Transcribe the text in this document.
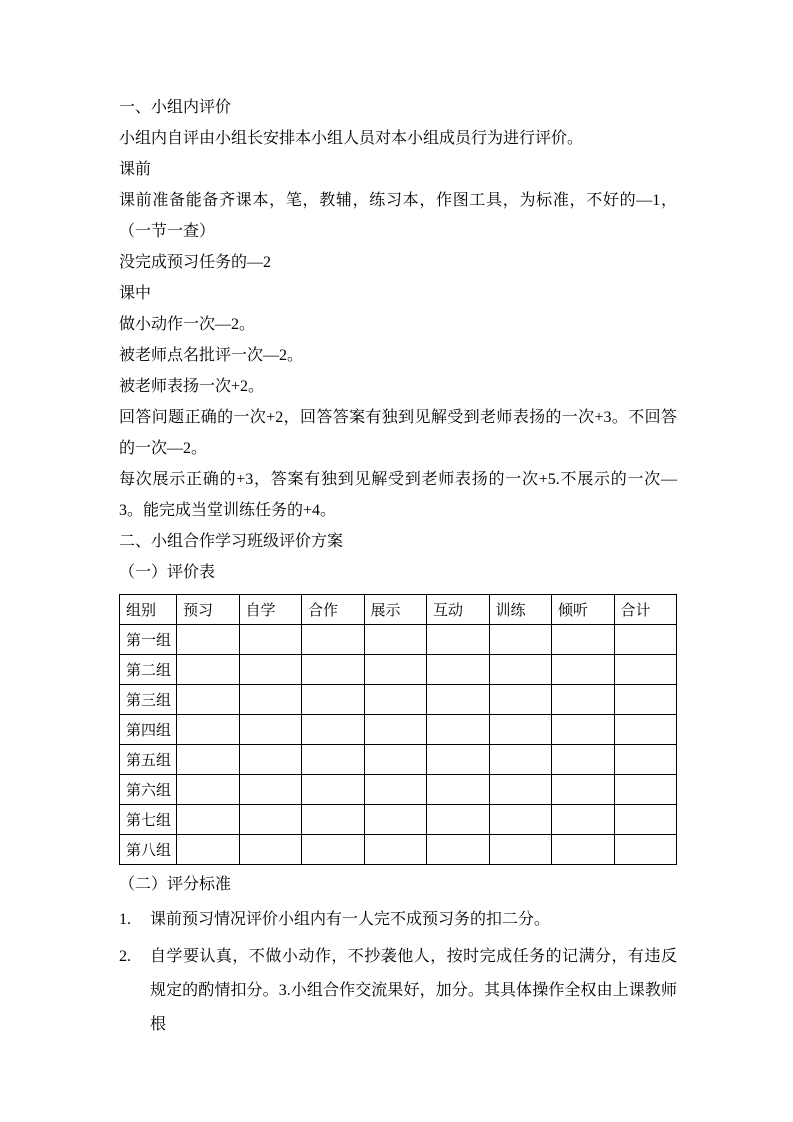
一、小组内评价

小组内自评由小组长安排本小组人员对本小组成员行为进行评价。

课前

课前准备能备齐课本，笔，教辅，练习本，作图工具，为标准，不好的—1，（一节一查）

没完成预习任务的—2

课中

做小动作一次—2。

被老师点名批评一次—2。

被老师表扬一次+2。

回答问题正确的一次+2，回答答案有独到见解受到老师表扬的一次+3。不回答的一次—2。

每次展示正确的+3，答案有独到见解受到老师表扬的一次+5.不展示的一次—3。能完成当堂训练任务的+4。

二、小组合作学习班级评价方案

（一）评价表

组别	预习	自学	合作	展示	互动	训练	倾听	合计
第一组								
第二组								
第三组								
第四组								
第五组								
第六组								
第七组								
第八组								

（二）评分标准

1.	课前预习情况评价小组内有一人完不成预习务的扣二分。
2.	自学要认真，不做小动作，不抄袭他人，按时完成任务的记满分，有违反规定的酌情扣分。3.小组合作交流果好，加分。其具体操作全权由上课教师根
